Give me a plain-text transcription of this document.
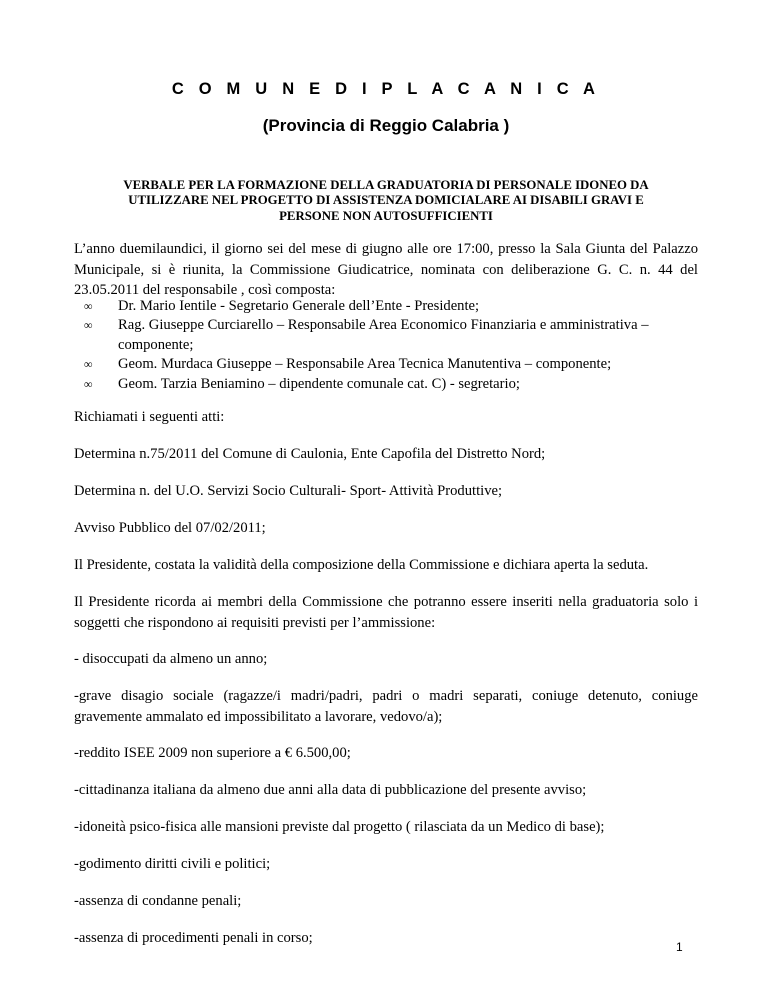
C O M U N E D I P L A C A N I C A
(Provincia di Reggio Calabria )
VERBALE PER LA FORMAZIONE DELLA GRADUATORIA DI PERSONALE IDONEO DA
UTILIZZARE NEL PROGETTO DI ASSISTENZA DOMICIALARE AI DISABILI GRAVI E
PERSONE NON AUTOSUFFICIENTI

L’anno duemilaundici, il giorno sei del mese di giugno alle ore 17:00, presso la Sala Giunta del Palazzo Municipale, si è riunita, la Commissione Giudicatrice, nominata con deliberazione G. C. n. 44 del 23.05.2011 del responsabile , così composta:

∞ Dr. Mario Ientile - Segretario Generale dell’Ente - Presidente;
∞ Rag. Giuseppe Curciarello – Responsabile Area Economico Finanziaria e amministrativa – componente;
∞ Geom. Murdaca Giuseppe – Responsabile Area Tecnica Manutentiva – componente;
∞ Geom. Tarzia Beniamino – dipendente comunale cat. C) - segretario;

Richiamati i seguenti atti:

Determina n.75/2011 del Comune di Caulonia, Ente Capofila del Distretto Nord;

Determina n. del U.O. Servizi Socio Culturali- Sport- Attività Produttive;

Avviso Pubblico del 07/02/2011;

Il Presidente, costata la validità della composizione della Commissione e dichiara aperta la seduta.

Il Presidente ricorda ai membri della Commissione che potranno essere inseriti nella graduatoria solo i soggetti che rispondono ai requisiti previsti per l’ammissione:

- disoccupati da almeno un anno;

-grave disagio sociale (ragazze/i madri/padri, padri o madri separati, coniuge detenuto, coniuge gravemente ammalato ed impossibilitato a lavorare, vedovo/a);

-reddito ISEE 2009 non superiore a € 6.500,00;

-cittadinanza italiana da almeno due anni alla data di pubblicazione del presente avviso;

-idoneità psico-fisica alle mansioni previste dal progetto ( rilasciata da un Medico di base);

-godimento diritti civili e politici;

-assenza di condanne penali;

-assenza di procedimenti penali in corso;

1
